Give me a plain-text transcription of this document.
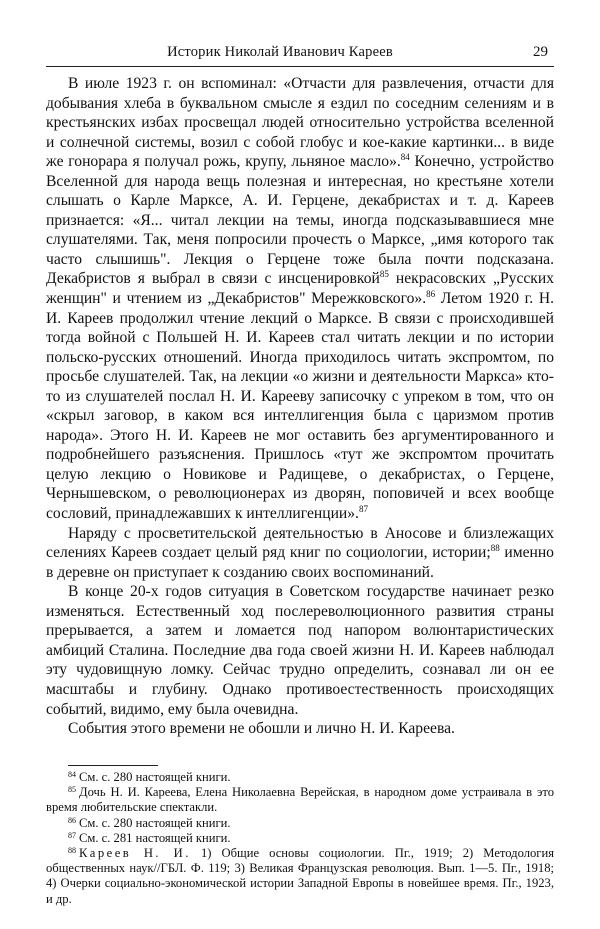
Историк Николай Иванович Кареев	29

В июле 1923 г. он вспоминал: «Отчасти для развлечения, отчасти для добывания хлеба в буквальном смысле я ездил по соседним селениям и в крестьянских избах просвещал людей относительно устройства вселенной и солнечной системы, возил с собой глобус и кое-какие картинки... в виде же гонорара я получал рожь, крупу, льняное масло».$^{84}$ Конечно, устройство Вселенной для народа вещь полезная и интересная, но крестьяне хотели слышать о Карле Марксе, А. И. Герцене, декабристах и т. д. Кареев признается: «Я... читал лекции на темы, иногда подсказывавшиеся мне слушателями. Так, меня попросили прочесть о Марксе, „имя которого так часто слышишь". Лекция о Герцене тоже была почти подсказана. Декабристов я выбрал в связи с инсценировкой$^{85}$ некрасовских „Русских женщин" и чтением из „Декабристов" Мережковского».$^{86}$ Летом 1920 г. Н. И. Кареев продолжил чтение лекций о Марксе. В связи с происходившей тогда войной с Польшей Н. И. Кареев стал читать лекции и по истории польско-русских отношений. Иногда приходилось читать экспромтом, по просьбе слушателей. Так, на лекции «о жизни и деятельности Маркса» кто-то из слушателей послал Н. И. Карееву записочку с упреком в том, что он «скрыл заговор, в каком вся интеллигенция была с царизмом против народа». Этого Н. И. Кареев не мог оставить без аргументированного и подробнейшего разъяснения. Пришлось «тут же экспромтом прочитать целую лекцию о Новикове и Радищеве, о декабристах, о Герцене, Чернышевском, о революционерах из дворян, поповичей и всех вообще сословий, принадлежавших к интеллигенции».$^{87}$

Наряду с просветительской деятельностью в Аносове и близлежащих селениях Кареев создает целый ряд книг по социологии, истории;$^{88}$ именно в деревне он приступает к созданию своих воспоминаний.

В конце 20-х годов ситуация в Советском государстве начинает резко изменяться. Естественный ход послереволюционного развития страны прерывается, а затем и ломается под напором волюнтаристических амбиций Сталина. Последние два года своей жизни Н. И. Кареев наблюдал эту чудовищную ломку. Сейчас трудно определить, сознавал ли он ее масштабы и глубину. Однако противоестественность происходящих событий, видимо, ему была очевидна.

События этого времени не обошли и лично Н. И. Кареева.

$^{84}$ См. с. 280 настоящей книги.

$^{85}$ Дочь Н. И. Кареева, Елена Николаевна Верейская, в народном доме устраивала в это время любительские спектакли.

$^{86}$ См. с. 280 настоящей книги.

$^{87}$ См. с. 281 настоящей книги.

$^{88}$ Кареев Н. И. 1) Общие основы социологии. Пг., 1919; 2) Методология общественных наук//ГБЛ. Ф. 119; 3) Великая Французская революция. Вып. 1—5. Пг., 1918; 4) Очерки социально-экономической истории Западной Европы в новейшее время. Пг., 1923, и др.
